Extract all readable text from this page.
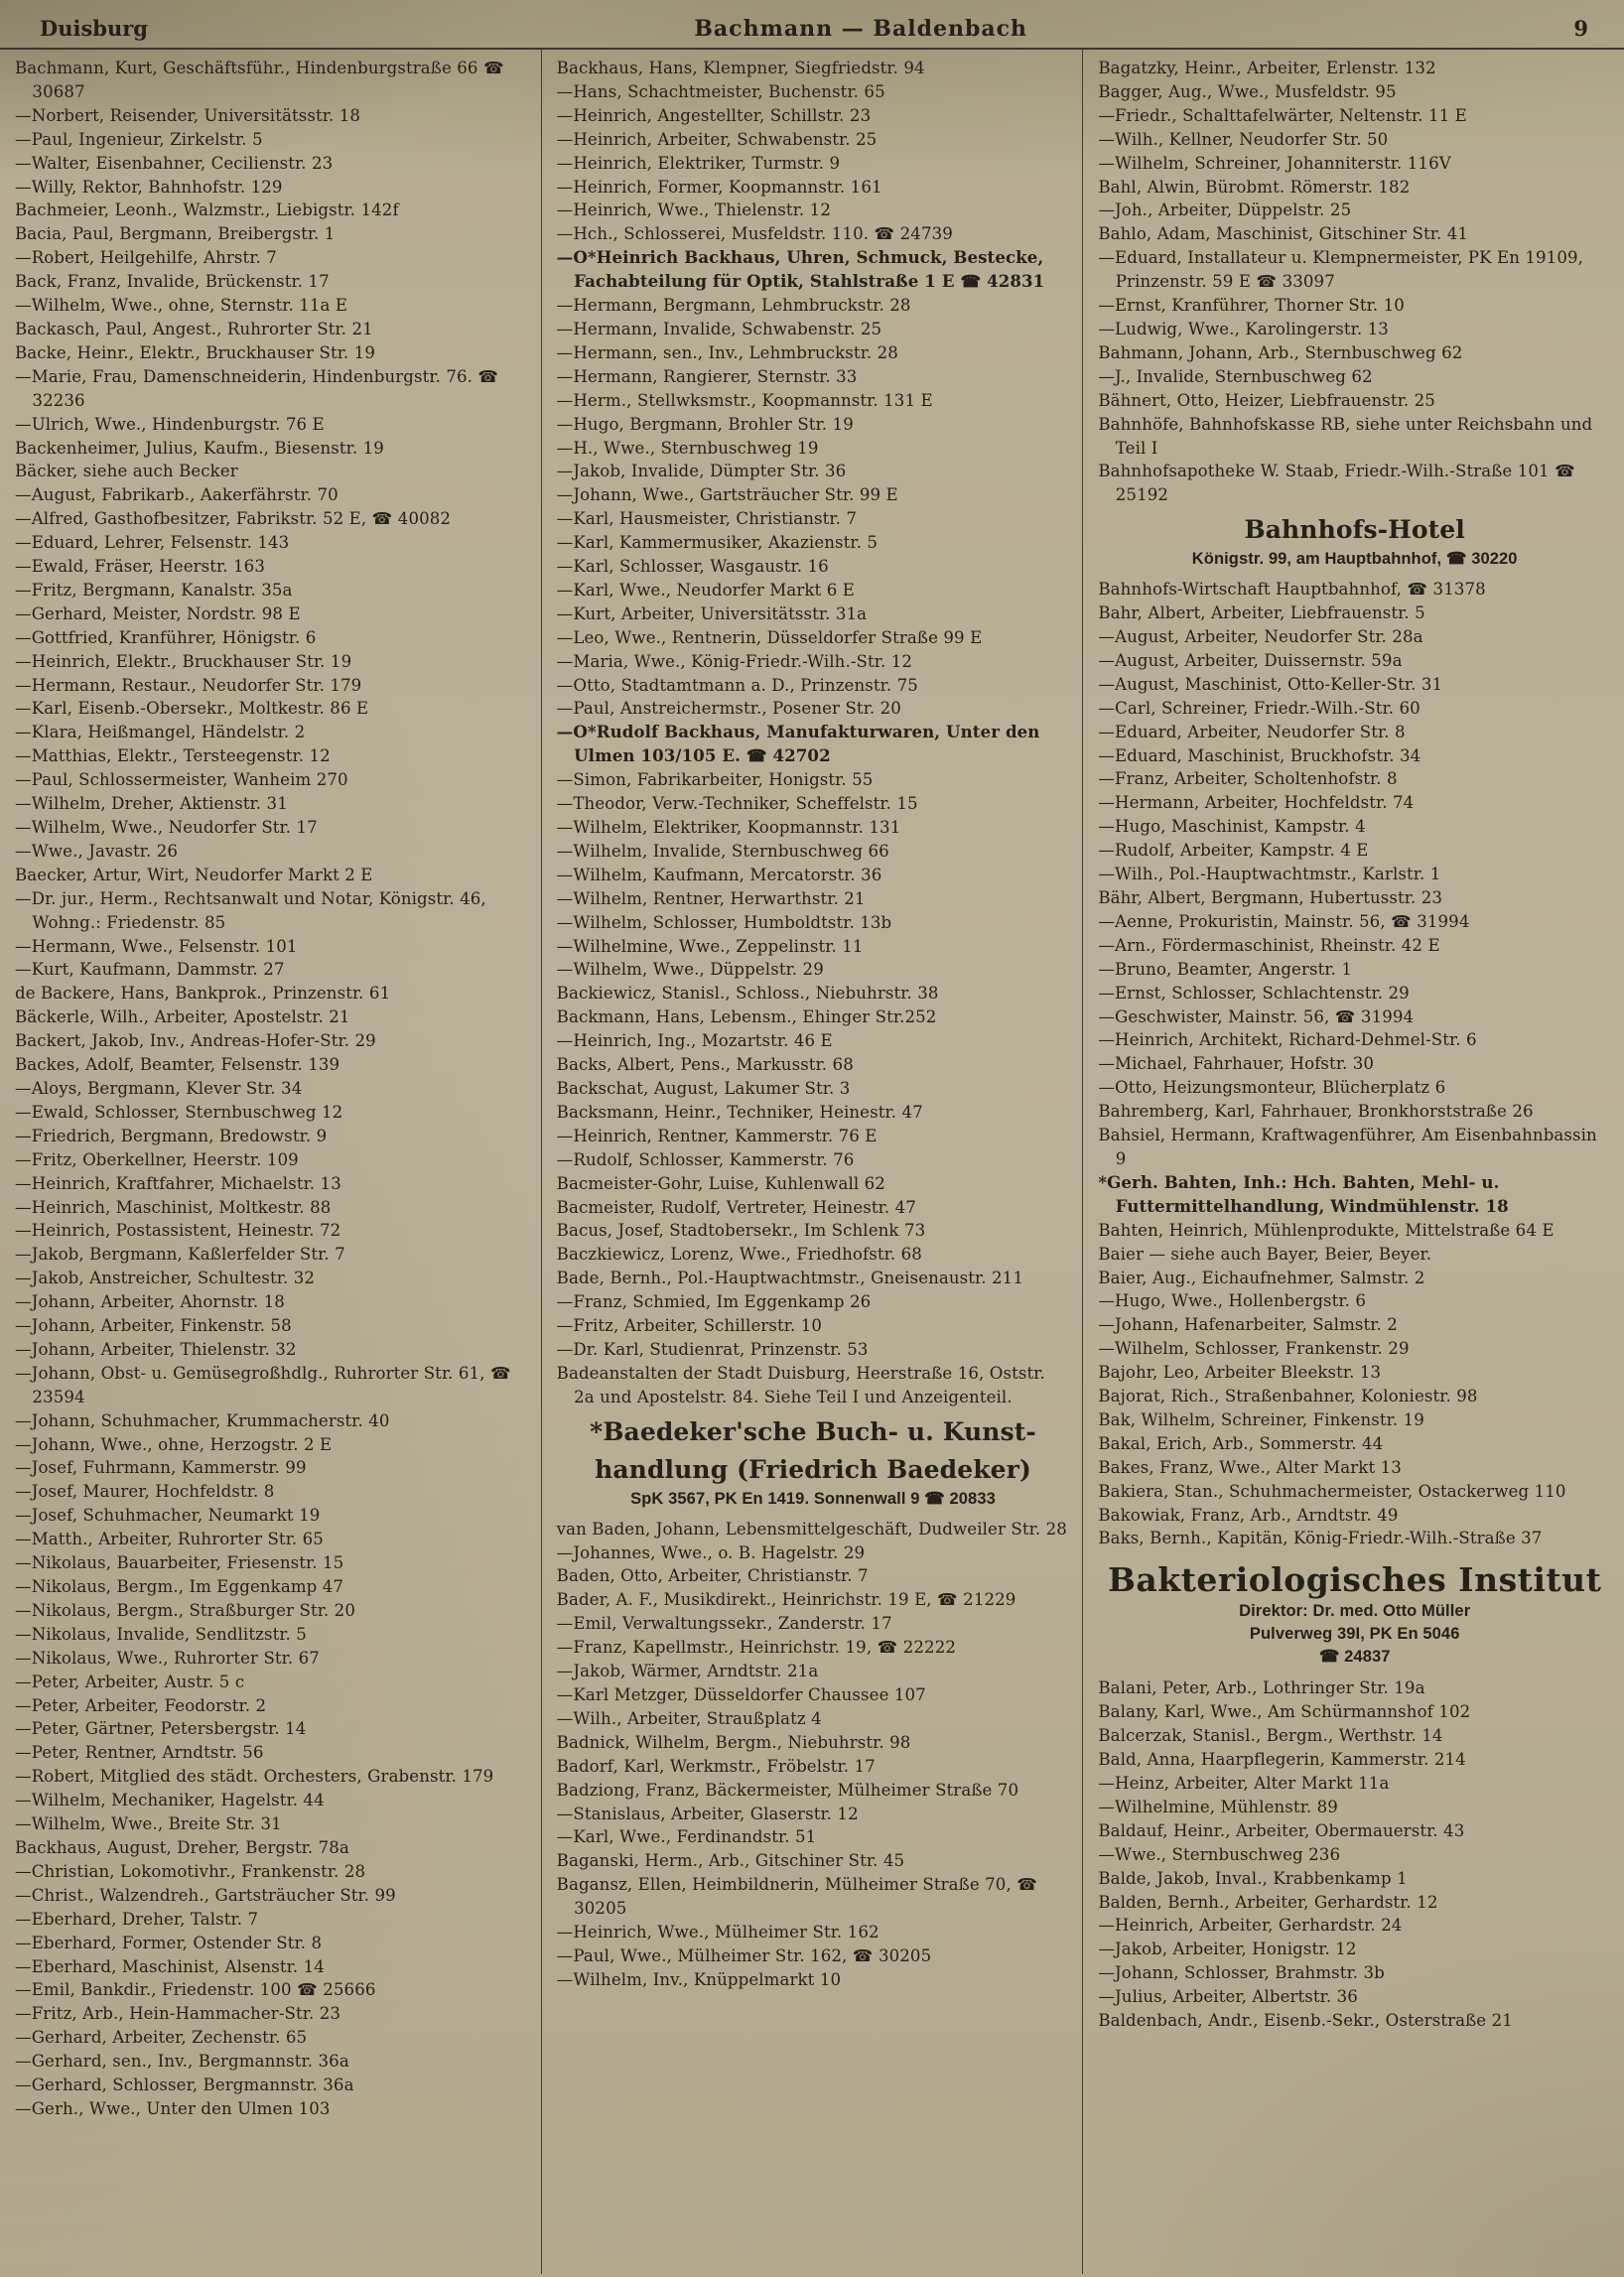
Duisburg	Bachmann — Baldenbach	9
Bachmann, Kurt, Geschäftsführ., Hindenburgstraße 66 ☎ 30687
—Norbert, Reisender, Universitätsstr. 18
—Paul, Ingenieur, Zirkelstr. 5
—Walter, Eisenbahner, Cecilienstr. 23
—Willy, Rektor, Bahnhofstr. 129
Bachmeier, Leonh., Walzmstr., Liebigstr. 142f
Bacia, Paul, Bergmann, Breibergstr. 1
—Robert, Heilgehilfe, Ahrstr. 7
Back, Franz, Invalide, Brückenstr. 17
—Wilhelm, Wwe., ohne, Sternstr. 11a E
Backasch, Paul, Angest., Ruhrorter Str. 21
Backe, Heinr., Elektr., Bruckhauser Str. 19
—Marie, Frau, Damenschneiderin, Hindenburgstr. 76. ☎ 32236
—Ulrich, Wwe., Hindenburgstr. 76 E
Backenheimer, Julius, Kaufm., Biesenstr. 19
Bäcker, siehe auch Becker
—August, Fabrikarb., Aakerfährstr. 70
—Alfred, Gasthofbesitzer, Fabrikstr. 52 E, ☎ 40082
—Eduard, Lehrer, Felsenstr. 143
—Ewald, Fräser, Heerstr. 163
—Fritz, Bergmann, Kanalstr. 35a
—Gerhard, Meister, Nordstr. 98 E
—Gottfried, Kranführer, Hönigstr. 6
—Heinrich, Elektr., Bruckhauser Str. 19
—Hermann, Restaur., Neudorfer Str. 179
—Karl, Eisenb.-Obersekr., Moltkestr. 86 E
—Klara, Heißmangel, Händelstr. 2
—Matthias, Elektr., Tersteegenstr. 12
—Paul, Schlossermeister, Wanheim 270
—Wilhelm, Dreher, Aktienstr. 31
—Wilhelm, Wwe., Neudorfer Str. 17
—Wwe., Javastr. 26
Baecker, Artur, Wirt, Neudorfer Markt 2 E
—Dr. jur., Herm., Rechtsanwalt und Notar, Königstr. 46, Wohng.: Friedenstr. 85
—Hermann, Wwe., Felsenstr. 101
—Kurt, Kaufmann, Dammstr. 27
de Backere, Hans, Bankprok., Prinzenstr. 61
Bäckerle, Wilh., Arbeiter, Apostelstr. 21
Backert, Jakob, Inv., Andreas-Hofer-Str. 29
Backes, Adolf, Beamter, Felsenstr. 139
—Aloys, Bergmann, Klever Str. 34
—Ewald, Schlosser, Sternbuschweg 12
—Friedrich, Bergmann, Bredowstr. 9
—Fritz, Oberkellner, Heerstr. 109
—Heinrich, Kraftfahrer, Michaelstr. 13
—Heinrich, Maschinist, Moltkestr. 88
—Heinrich, Postassistent, Heinestr. 72
—Jakob, Bergmann, Kaßlerfelder Str. 7
—Jakob, Anstreicher, Schultestr. 32
—Johann, Arbeiter, Ahornstr. 18
—Johann, Arbeiter, Finkenstr. 58
—Johann, Arbeiter, Thielenstr. 32
—Johann, Obst- u. Gemüsegroßhdlg., Ruhrorter Str. 61, ☎ 23594
—Johann, Schuhmacher, Krummacherstr. 40
—Johann, Wwe., ohne, Herzogstr. 2 E
—Josef, Fuhrmann, Kammerstr. 99
—Josef, Maurer, Hochfeldstr. 8
—Josef, Schuhmacher, Neumarkt 19
—Matth., Arbeiter, Ruhrorter Str. 65
—Nikolaus, Bauarbeiter, Friesenstr. 15
—Nikolaus, Bergm., Im Eggenkamp 47
—Nikolaus, Bergm., Straßburger Str. 20
—Nikolaus, Invalide, Sendlitzstr. 5
—Nikolaus, Wwe., Ruhrorter Str. 67
—Peter, Arbeiter, Austr. 5 c
—Peter, Arbeiter, Feodorstr. 2
—Peter, Gärtner, Petersbergstr. 14
—Peter, Rentner, Arndtstr. 56
—Robert, Mitglied des städt. Orchesters, Grabenstr. 179
—Wilhelm, Mechaniker, Hagelstr. 44
—Wilhelm, Wwe., Breite Str. 31
Backhaus, August, Dreher, Bergstr. 78a
—Christian, Lokomotivhr., Frankenstr. 28
—Christ., Walzendreh., Gartsträucher Str. 99
—Eberhard, Dreher, Talstr. 7
—Eberhard, Former, Ostender Str. 8
—Eberhard, Maschinist, Alsenstr. 14
—Emil, Bankdir., Friedenstr. 100 ☎ 25666
—Fritz, Arb., Hein-Hammacher-Str. 23
—Gerhard, Arbeiter, Zechenstr. 65
—Gerhard, sen., Inv., Bergmannstr. 36a
—Gerhard, Schlosser, Bergmannstr. 36a
—Gerh., Wwe., Unter den Ulmen 103
Backhaus, Hans, Klempner, Siegfriedstr. 94
—Hans, Schachtmeister, Buchenstr. 65
—Heinrich, Angestellter, Schillstr. 23
—Heinrich, Arbeiter, Schwabenstr. 25
—Heinrich, Elektriker, Turmstr. 9
—Heinrich, Former, Koopmannstr. 161
—Heinrich, Wwe., Thielenstr. 12
—Hch., Schlosserei, Musfeldstr. 110. ☎ 24739
—O*Heinrich Backhaus, Uhren, Schmuck, Bestecke, Fachabteilung für Optik, Stahlstraße 1 E ☎ 42831
—Hermann, Bergmann, Lehmbruckstr. 28
—Hermann, Invalide, Schwabenstr. 25
—Hermann, sen., Inv., Lehmbruckstr. 28
—Hermann, Rangierer, Sternstr. 33
—Herm., Stellwksmstr., Koopmannstr. 131 E
—Hugo, Bergmann, Brohler Str. 19
—H., Wwe., Sternbuschweg 19
—Jakob, Invalide, Dümpter Str. 36
—Johann, Wwe., Gartsträucher Str. 99 E
—Karl, Hausmeister, Christianstr. 7
—Karl, Kammermusiker, Akazienstr. 5
—Karl, Schlosser, Wasgaustr. 16
—Karl, Wwe., Neudorfer Markt 6 E
—Kurt, Arbeiter, Universitätsstr. 31a
—Leo, Wwe., Rentnerin, Düsseldorfer Straße 99 E
—Maria, Wwe., König-Friedr.-Wilh.-Str. 12
—Otto, Stadtamtmann a. D., Prinzenstr. 75
—Paul, Anstreichermstr., Posener Str. 20
—O*Rudolf Backhaus, Manufakturwaren, Unter den Ulmen 103/105 E. ☎ 42702
—Simon, Fabrikarbeiter, Honigstr. 55
—Theodor, Verw.-Techniker, Scheffelstr. 15
—Wilhelm, Elektriker, Koopmannstr. 131
—Wilhelm, Invalide, Sternbuschweg 66
—Wilhelm, Kaufmann, Mercatorstr. 36
—Wilhelm, Rentner, Herwarthstr. 21
—Wilhelm, Schlosser, Humboldtstr. 13b
—Wilhelmine, Wwe., Zeppelinstr. 11
—Wilhelm, Wwe., Düppelstr. 29
Backiewicz, Stanisl., Schloss., Niebuhrstr. 38
Backmann, Hans, Lebensm., Ehinger Str.252
—Heinrich, Ing., Mozartstr. 46 E
Backs, Albert, Pens., Markusstr. 68
Backschat, August, Lakumer Str. 3
Backsmann, Heinr., Techniker, Heinestr. 47
—Heinrich, Rentner, Kammerstr. 76 E
—Rudolf, Schlosser, Kammerstr. 76
Bacmeister-Gohr, Luise, Kuhlenwall 62
Bacmeister, Rudolf, Vertreter, Heinestr. 47
Bacus, Josef, Stadtobersekr., Im Schlenk 73
Baczkiewicz, Lorenz, Wwe., Friedhofstr. 68
Bade, Bernh., Pol.-Hauptwachtmstr., Gneisenaustr. 211
—Franz, Schmied, Im Eggenkamp 26
—Fritz, Arbeiter, Schillerstr. 10
—Dr. Karl, Studienrat, Prinzenstr. 53
Badeanstalten der Stadt Duisburg, Heerstraße 16, Oststr. 2a und Apostelstr. 84. Siehe Teil I und Anzeigenteil.
*Baedeker'sche Buch- u. Kunst-
handlung (Friedrich Baedeker)
SpK 3567, PK En 1419. Sonnenwall 9 ☎ 20833
van Baden, Johann, Lebensmittelgeschäft, Dudweiler Str. 28
—Johannes, Wwe., o. B. Hagelstr. 29
Baden, Otto, Arbeiter, Christianstr. 7
Bader, A. F., Musikdirekt., Heinrichstr. 19 E, ☎ 21229
—Emil, Verwaltungssekr., Zanderstr. 17
—Franz, Kapellmstr., Heinrichstr. 19, ☎ 22222
—Jakob, Wärmer, Arndtstr. 21a
—Karl Metzger, Düsseldorfer Chaussee 107
—Wilh., Arbeiter, Straußplatz 4
Badnick, Wilhelm, Bergm., Niebuhrstr. 98
Badorf, Karl, Werkmstr., Fröbelstr. 17
Badziong, Franz, Bäckermeister, Mülheimer Straße 70
—Stanislaus, Arbeiter, Glaserstr. 12
—Karl, Wwe., Ferdinandstr. 51
Baganski, Herm., Arb., Gitschiner Str. 45
Bagansz, Ellen, Heimbildnerin, Mülheimer Straße 70, ☎ 30205
—Heinrich, Wwe., Mülheimer Str. 162
—Paul, Wwe., Mülheimer Str. 162, ☎ 30205
—Wilhelm, Inv., Knüppelmarkt 10
Bagatzky, Heinr., Arbeiter, Erlenstr. 132
Bagger, Aug., Wwe., Musfeldstr. 95
—Friedr., Schalttafelwärter, Neltenstr. 11 E
—Wilh., Kellner, Neudorfer Str. 50
—Wilhelm, Schreiner, Johanniterstr. 116V
Bahl, Alwin, Bürobmt. Römerstr. 182
—Joh., Arbeiter, Düppelstr. 25
Bahlo, Adam, Maschinist, Gitschiner Str. 41
—Eduard, Installateur u. Klempnermeister, PK En 19109, Prinzenstr. 59 E ☎ 33097
—Ernst, Kranführer, Thorner Str. 10
—Ludwig, Wwe., Karolingerstr. 13
Bahmann, Johann, Arb., Sternbuschweg 62
—J., Invalide, Sternbuschweg 62
Bähnert, Otto, Heizer, Liebfrauenstr. 25
Bahnhöfe, Bahnhofskasse RB, siehe unter Reichsbahn und Teil I
Bahnhofsapotheke W. Staab, Friedr.-Wilh.-Straße 101 ☎ 25192
Bahnhofs-Hotel
Königstr. 99, am Hauptbahnhof, ☎ 30220
Bahnhofs-Wirtschaft Hauptbahnhof, ☎ 31378
Bahr, Albert, Arbeiter, Liebfrauenstr. 5
—August, Arbeiter, Neudorfer Str. 28a
—August, Arbeiter, Duissernstr. 59a
—August, Maschinist, Otto-Keller-Str. 31
—Carl, Schreiner, Friedr.-Wilh.-Str. 60
—Eduard, Arbeiter, Neudorfer Str. 8
—Eduard, Maschinist, Bruckhofstr. 34
—Franz, Arbeiter, Scholtenhofstr. 8
—Hermann, Arbeiter, Hochfeldstr. 74
—Hugo, Maschinist, Kampstr. 4
—Rudolf, Arbeiter, Kampstr. 4 E
—Wilh., Pol.-Hauptwachtmstr., Karlstr. 1
Bähr, Albert, Bergmann, Hubertusstr. 23
—Aenne, Prokuristin, Mainstr. 56, ☎ 31994
—Arn., Fördermaschinist, Rheinstr. 42 E
—Bruno, Beamter, Angerstr. 1
—Ernst, Schlosser, Schlachtenstr. 29
—Geschwister, Mainstr. 56, ☎ 31994
—Heinrich, Architekt, Richard-Dehmel-Str. 6
—Michael, Fahrhauer, Hofstr. 30
—Otto, Heizungsmonteur, Blücherplatz 6
Bahremberg, Karl, Fahrhauer, Bronkhorststraße 26
Bahsiel, Hermann, Kraftwagenführer, Am Eisenbahnbassin 9
*Gerh. Bahten, Inh.: Hch. Bahten, Mehl- u. Futtermittelhandlung, Windmühlenstr. 18
Bahten, Heinrich, Mühlenprodukte, Mittelstraße 64 E
Baier — siehe auch Bayer, Beier, Beyer.
Baier, Aug., Eichaufnehmer, Salmstr. 2
—Hugo, Wwe., Hollenbergstr. 6
—Johann, Hafenarbeiter, Salmstr. 2
—Wilhelm, Schlosser, Frankenstr. 29
Bajohr, Leo, Arbeiter Bleekstr. 13
Bajorat, Rich., Straßenbahner, Koloniestr. 98
Bak, Wilhelm, Schreiner, Finkenstr. 19
Bakal, Erich, Arb., Sommerstr. 44
Bakes, Franz, Wwe., Alter Markt 13
Bakiera, Stan., Schuhmachermeister, Ostackerweg 110
Bakowiak, Franz, Arb., Arndtstr. 49
Baks, Bernh., Kapitän, König-Friedr.-Wilh.-Straße 37
Bakteriologisches Institut
Direktor: Dr. med. Otto Müller
Pulverweg 39I, PK En 5046
☎ 24837
Balani, Peter, Arb., Lothringer Str. 19a
Balany, Karl, Wwe., Am Schürmannshof 102
Balcerzak, Stanisl., Bergm., Werthstr. 14
Bald, Anna, Haarpflegerin, Kammerstr. 214
—Heinz, Arbeiter, Alter Markt 11a
—Wilhelmine, Mühlenstr. 89
Baldauf, Heinr., Arbeiter, Obermauerstr. 43
—Wwe., Sternbuschweg 236
Balde, Jakob, Inval., Krabbenkamp 1
Balden, Bernh., Arbeiter, Gerhardstr. 12
—Heinrich, Arbeiter, Gerhardstr. 24
—Jakob, Arbeiter, Honigstr. 12
—Johann, Schlosser, Brahmstr. 3b
—Julius, Arbeiter, Albertstr. 36
Baldenbach, Andr., Eisenb.-Sekr., Osterstraße 21
